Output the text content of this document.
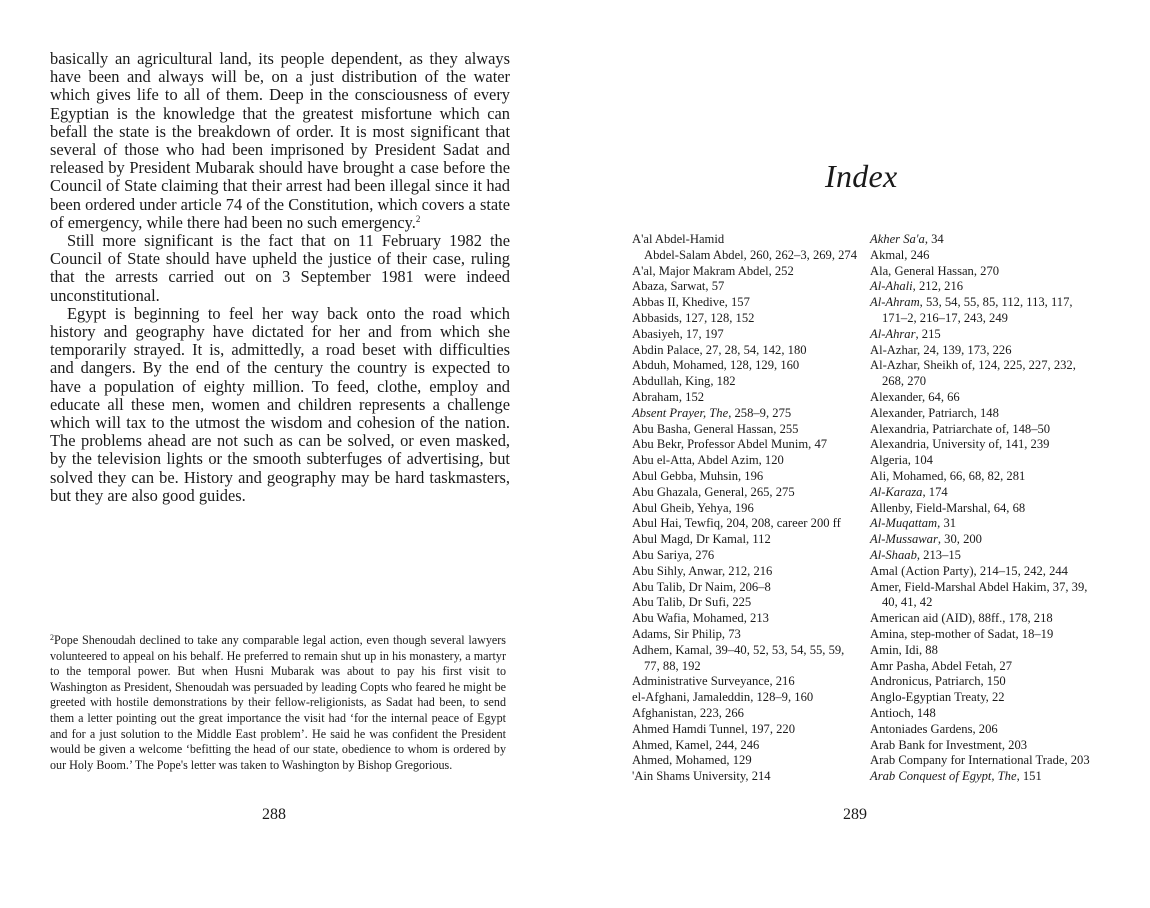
basically an agricultural land, its people dependent, as they always have been and always will be, on a just distribution of the water which gives life to all of them. Deep in the consciousness of every Egyptian is the knowledge that the greatest misfortune which can befall the state is the breakdown of order. It is most significant that several of those who had been imprisoned by President Sadat and released by President Mubarak should have brought a case before the Council of State claiming that their arrest had been illegal since it had been ordered under article 74 of the Constitution, which covers a state of emergency, while there had been no such emergency.$^2$

Still more significant is the fact that on 11 February 1982 the Council of State should have upheld the justice of their case, ruling that the arrests carried out on 3 September 1981 were indeed unconstitutional.

Egypt is beginning to feel her way back onto the road which history and geography have dictated for her and from which she temporarily strayed. It is, admittedly, a road beset with difficulties and dangers. By the end of the century the country is expected to have a population of eighty million. To feed, clothe, employ and educate all these men, women and children represents a challenge which will tax to the utmost the wisdom and cohesion of the nation. The problems ahead are not such as can be solved, or even masked, by the television lights or the smooth subterfuges of advertising, but solved they can be. History and geography may be hard taskmasters, but they are also good guides.

$^2$Pope Shenoudah declined to take any comparable legal action, even though several lawyers volunteered to appeal on his behalf. He preferred to remain shut up in his monastery, a martyr to the temporal power. But when Husni Mubarak was about to pay his first visit to Washington as President, Shenoudah was persuaded by leading Copts who feared he might be greeted with hostile demonstrations by their fellow-religionists, as Sadat had been, to send them a letter pointing out the great importance the visit had ‘for the internal peace of Egypt and for a just solution to the Middle East problem’. He said he was confident the President would be given a welcome ‘befitting the head of our state, obedience to whom is ordered by our Holy Boom.’ The Pope's letter was taken to Washington by Bishop Gregorious.
288
Index
A'al Abdel-Hamid
Abdel-Salam Abdel, 260, 262–3, 269, 274
A'al, Major Makram Abdel, 252
Abaza, Sarwat, 57
Abbas II, Khedive, 157
Abbasids, 127, 128, 152
Abasiyeh, 17, 197
Abdin Palace, 27, 28, 54, 142, 180
Abduh, Mohamed, 128, 129, 160
Abdullah, King, 182
Abraham, 152
Absent Prayer, The, 258–9, 275
Abu Basha, General Hassan, 255
Abu Bekr, Professor Abdel Munim, 47
Abu el-Atta, Abdel Azim, 120
Abul Gebba, Muhsin, 196
Abu Ghazala, General, 265, 275
Abul Gheib, Yehya, 196
Abul Hai, Tewfiq, 204, 208, career 200 ff
Abul Magd, Dr Kamal, 112
Abu Sariya, 276
Abu Sihly, Anwar, 212, 216
Abu Talib, Dr Naim, 206–8
Abu Talib, Dr Sufi, 225
Abu Wafia, Mohamed, 213
Adams, Sir Philip, 73
Adhem, Kamal, 39–40, 52, 53, 54, 55, 59, 77, 88, 192
Administrative Surveyance, 216
el-Afghani, Jamaleddin, 128–9, 160
Afghanistan, 223, 266
Ahmed Hamdi Tunnel, 197, 220
Ahmed, Kamel, 244, 246
Ahmed, Mohamed, 129
'Ain Shams University, 214
Akher Sa'a, 34
Akmal, 246
Ala, General Hassan, 270
Al-Ahali, 212, 216
Al-Ahram, 53, 54, 55, 85, 112, 113, 117, 171–2, 216–17, 243, 249
Al-Ahrar, 215
Al-Azhar, 24, 139, 173, 226
Al-Azhar, Sheikh of, 124, 225, 227, 232, 268, 270
Alexander, 64, 66
Alexander, Patriarch, 148
Alexandria, Patriarchate of, 148–50
Alexandria, University of, 141, 239
Algeria, 104
Ali, Mohamed, 66, 68, 82, 281
Al-Karaza, 174
Allenby, Field-Marshal, 64, 68
Al-Muqattam, 31
Al-Mussawar, 30, 200
Al-Shaab, 213–15
Amal (Action Party), 214–15, 242, 244
Amer, Field-Marshal Abdel Hakim, 37, 39, 40, 41, 42
American aid (AID), 88ff., 178, 218
Amina, step-mother of Sadat, 18–19
Amin, Idi, 88
Amr Pasha, Abdel Fetah, 27
Andronicus, Patriarch, 150
Anglo-Egyptian Treaty, 22
Antioch, 148
Antoniades Gardens, 206
Arab Bank for Investment, 203
Arab Company for International Trade, 203
Arab Conquest of Egypt, The, 151
289
